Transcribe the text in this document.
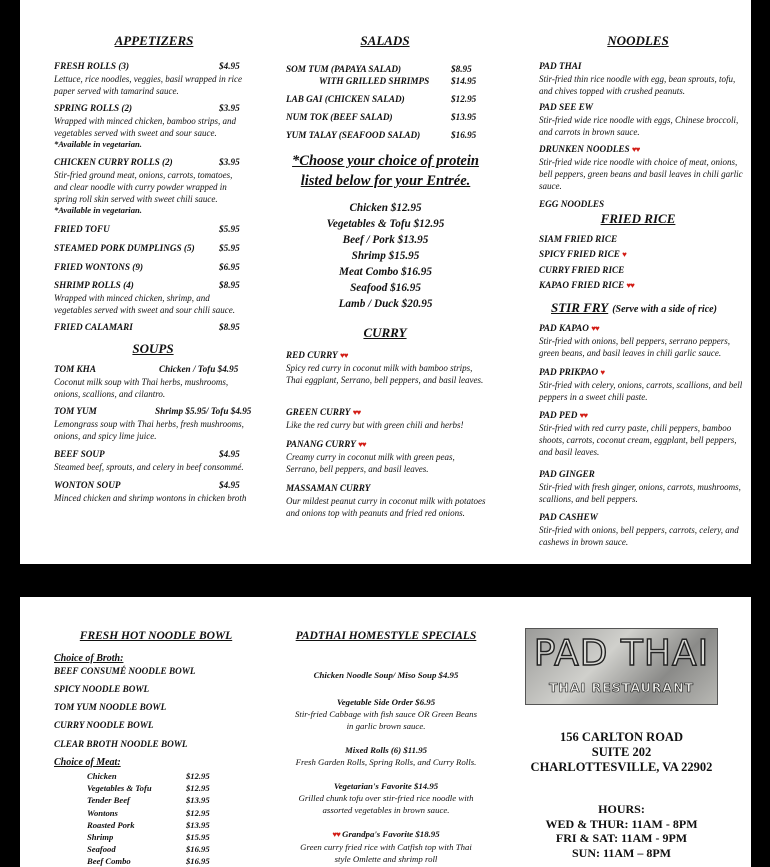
APPETIZERS
FRESH ROLLS (3)	$4.95
Lettuce, rice noodles, veggies, basil wrapped in rice paper served with tamarind sauce.
SPRING ROLLS (2)	$3.95
Wrapped with minced chicken, bamboo strips, and vegetables served with sweet and sour sauce.
*Available in vegetarian.
CHICKEN CURRY ROLLS (2)	$3.95
Stir-fried ground meat, onions, carrots, tomatoes, and clear noodle with curry powder wrapped in spring roll skin served with sweet chili sauce.
*Available in vegetarian.
FRIED TOFU	$5.95
STEAMED PORK DUMPLINGS (5)	$5.95
FRIED WONTONS (9)	$6.95
SHRIMP ROLLS (4)	$8.95
Wrapped with minced chicken, shrimp, and vegetables served with sweet and sour chili sauce.
FRIED CALAMARI	$8.95
SOUPS
TOM KHA	Chicken / Tofu $4.95
Coconut milk soup with Thai herbs, mushrooms, onions, scallions, and cilantro.
TOM YUM	Shrimp $5.95/ Tofu $4.95
Lemongrass soup with Thai herbs, fresh mushrooms, onions, and spicy lime juice.
BEEF SOUP	$4.95
Steamed beef, sprouts, and celery in beef consommé.
WONTON SOUP	$4.95
Minced chicken and shrimp wontons in chicken broth
SALADS
SOM TUM (PAPAYA SALAD)	$8.95
WITH GRILLED SHRIMPS $14.95
LAB GAI (CHICKEN SALAD)	$12.95
NUM TOK (BEEF SALAD)	$13.95
YUM TALAY (SEAFOOD SALAD)	$16.95
*Choose your choice of protein
listed below for your Entrée.
Chicken $12.95
Vegetables & Tofu $12.95
Beef / Pork $13.95
Shrimp $15.95
Meat Combo $16.95
Seafood $16.95
Lamb / Duck $20.95
CURRY
RED CURRY ♥♥
Spicy red curry in coconut milk with bamboo strips, Thai eggplant, Serrano, bell peppers, and basil leaves.
GREEN CURRY ♥♥
Like the red curry but with green chili and herbs!
PANANG CURRY ♥♥
Creamy curry in coconut milk with green peas, Serrano, bell peppers, and basil leaves.
MASSAMAN CURRY
Our mildest peanut curry in coconut milk with potatoes and onions top with peanuts and fried red onions.
NOODLES
PAD THAI
Stir-fried thin rice noodle with egg, bean sprouts, tofu, and chives topped with crushed peanuts.
PAD SEE EW
Stir-fried wide rice noodle with eggs, Chinese broccoli, and carrots in brown sauce.
DRUNKEN NOODLES ♥♥
Stir-fried wide rice noodle with choice of meat, onions, bell peppers, green beans and basil leaves in chili garlic sauce.
EGG NOODLES
FRIED RICE
SIAM FRIED RICE
SPICY FRIED RICE ♥
CURRY FRIED RICE
KAPAO FRIED RICE ♥♥
STIR FRY (Serve with a side of rice)
PAD KAPAO ♥♥
Stir-fried with onions, bell peppers, serrano peppers, green beans, and basil leaves in chili garlic sauce.
PAD PRIKPAO ♥
Stir-fried with celery, onions, carrots, scallions, and bell peppers in a sweet chili paste.
PAD PED ♥♥
Stir-fried with red curry paste, chili peppers, bamboo shoots, carrots, coconut cream, eggplant, bell peppers, and basil leaves.
PAD GINGER
Stir-fried with fresh ginger, onions, carrots, mushrooms, scallions, and bell peppers.
PAD CASHEW
Stir-fried with onions, bell peppers, carrots, celery, and cashews in brown sauce.
FRESH HOT NOODLE BOWL
Choice of Broth:
BEEF CONSUMÉ NOODLE BOWL
SPICY NOODLE BOWL
TOM YUM NOODLE BOWL
CURRY NOODLE BOWL
CLEAR BROTH NOODLE BOWL
Choice of Meat:
Chicken	$12.95
Vegetables & Tofu	$12.95
Tender Beef	$13.95
Wontons	$12.95
Roasted Pork	$13.95
Shrimp	$15.95
Seafood	$16.95
Beef Combo	$16.95
PADTHAI HOMESTYLE SPECIALS
Chicken Noodle Soup/ Miso Soup $4.95
Vegetable Side Order $6.95
Stir-fried Cabbage with fish sauce OR Green Beans
in garlic brown sauce.
Mixed Rolls (6) $11.95
Fresh Garden Rolls, Spring Rolls, and Curry Rolls.
Vegetarian's Favorite $14.95
Grilled chunk tofu over stir-fried rice noodle with
assorted vegetables in brown sauce.
♥♥ Grandpa's Favorite $18.95
Green curry fried rice with Catfish top with Thai
style Omlette and shrimp roll
PAD THAI
THAI RESTAURANT
156 CARLTON ROAD
SUITE 202
CHARLOTTESVILLE, VA 22902
HOURS:
WED & THUR: 11AM - 8PM
FRI & SAT: 11AM - 9PM
SUN: 11AM – 8PM
